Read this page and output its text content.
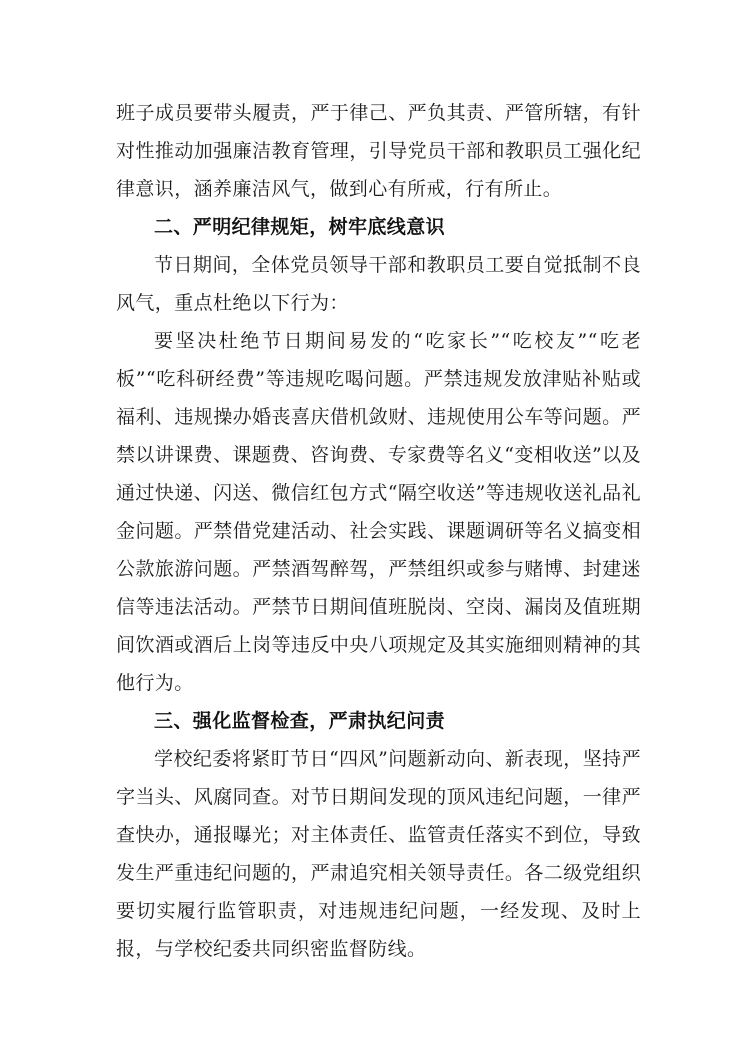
班子成员要带头履责，严于律己、严负其责、严管所辖，有针对性推动加强廉洁教育管理，引导党员干部和教职员工强化纪律意识，涵养廉洁风气，做到心有所戒，行有所止。

二、严明纪律规矩，树牢底线意识

节日期间，全体党员领导干部和教职员工要自觉抵制不良风气，重点杜绝以下行为：

要坚决杜绝节日期间易发的“吃家长”“吃校友”“吃老板”“吃科研经费”等违规吃喝问题。严禁违规发放津贴补贴或福利、违规操办婚丧喜庆借机敛财、违规使用公车等问题。严禁以讲课费、课题费、咨询费、专家费等名义“变相收送”以及通过快递、闪送、微信红包方式“隔空收送”等违规收送礼品礼金问题。严禁借党建活动、社会实践、课题调研等名义搞变相公款旅游问题。严禁酒驾醉驾，严禁组织或参与赌博、封建迷信等违法活动。严禁节日期间值班脱岗、空岗、漏岗及值班期间饮酒或酒后上岗等违反中央八项规定及其实施细则精神的其他行为。

三、强化监督检查，严肃执纪问责

学校纪委将紧盯节日“四风”问题新动向、新表现，坚持严字当头、风腐同查。对节日期间发现的顶风违纪问题，一律严查快办，通报曝光；对主体责任、监管责任落实不到位，导致发生严重违纪问题的，严肃追究相关领导责任。各二级党组织要切实履行监管职责，对违规违纪问题，一经发现、及时上报，与学校纪委共同织密监督防线。
